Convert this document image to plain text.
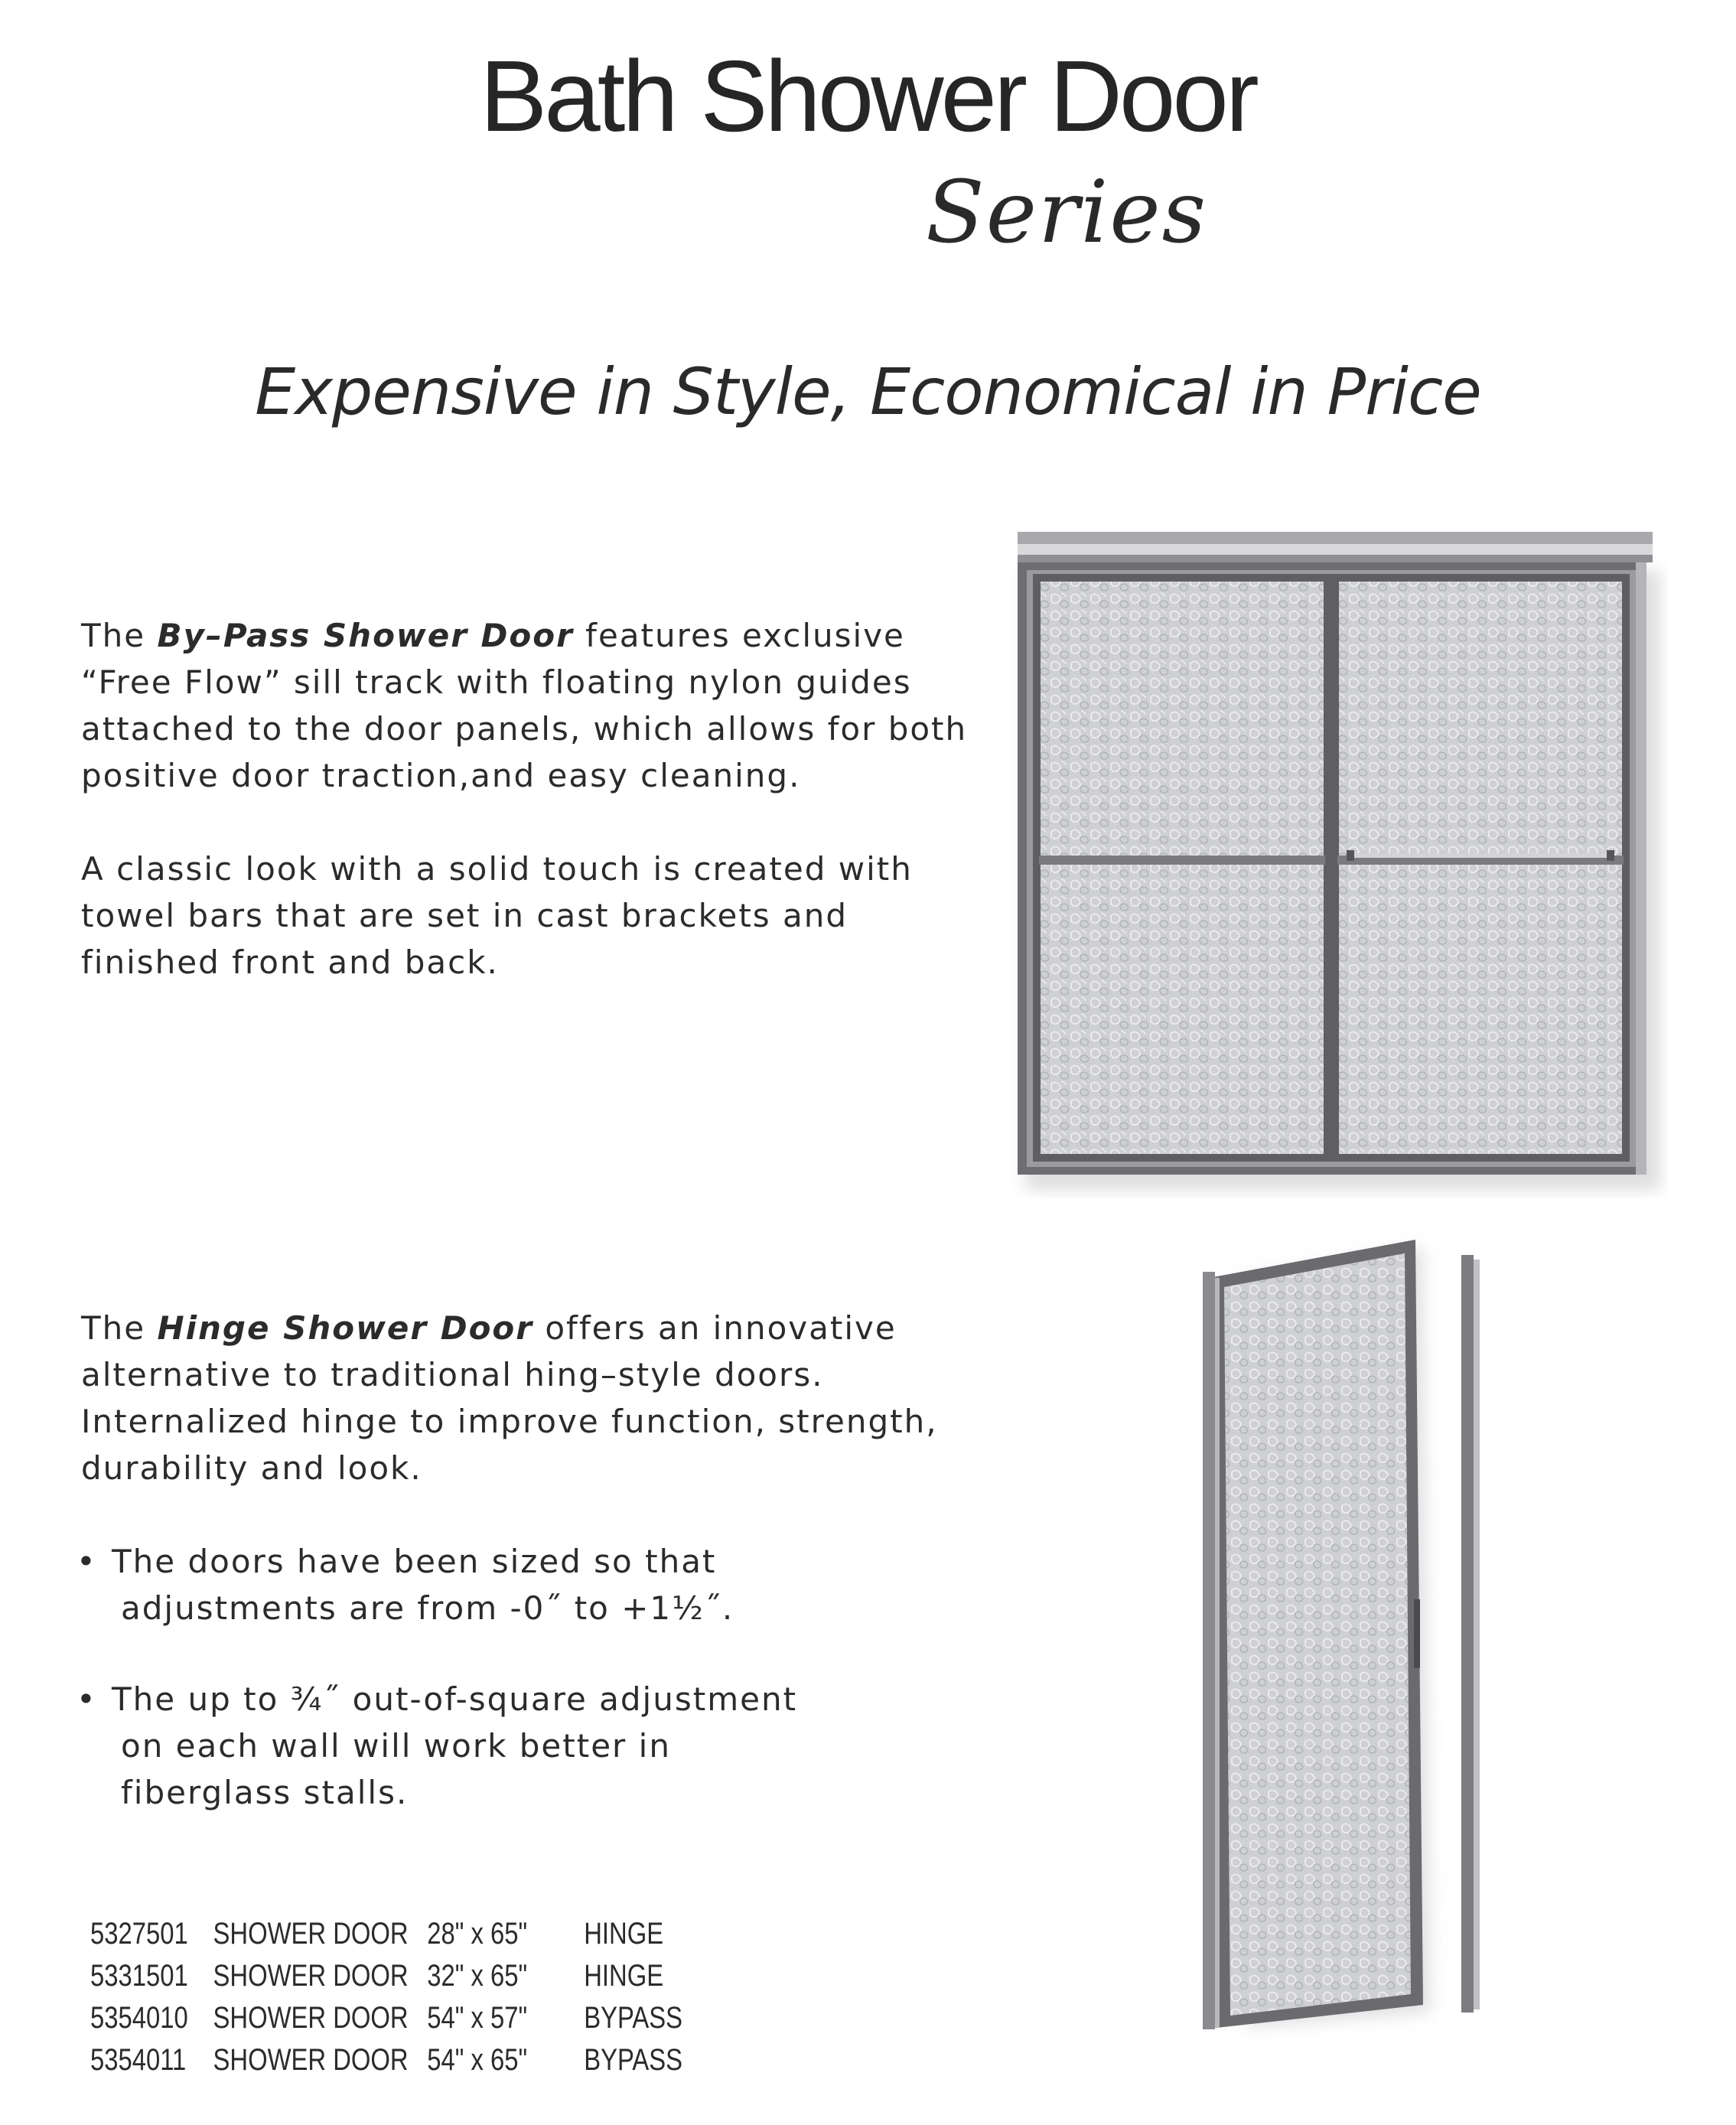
Bath Shower Door
Series
Expensive in Style, Economical in Price
The By–Pass Shower Door features exclusive “Free Flow” sill track with floating nylon guides attached to the door panels, which allows for both positive door traction,and easy cleaning.
A classic look with a solid touch is created with towel bars that are set in cast brackets and finished front and back.
The Hinge Shower Door offers an innovative alternative to traditional hing–style doors. Internalized hinge to improve function, strength, durability and look.
• The doors have been sized so that
adjustments are from -0˝ to +1½˝.
• The up to ¾˝ out-of-square adjustment
on each wall will work better in
fiberglass stalls.
5327501	SHOWER DOOR	28" x 65"	HINGE
5331501	SHOWER DOOR	32" x 65"	HINGE
5354010	SHOWER DOOR	54" x 57"	BYPASS
5354011	SHOWER DOOR	54" x 65"	BYPASS
